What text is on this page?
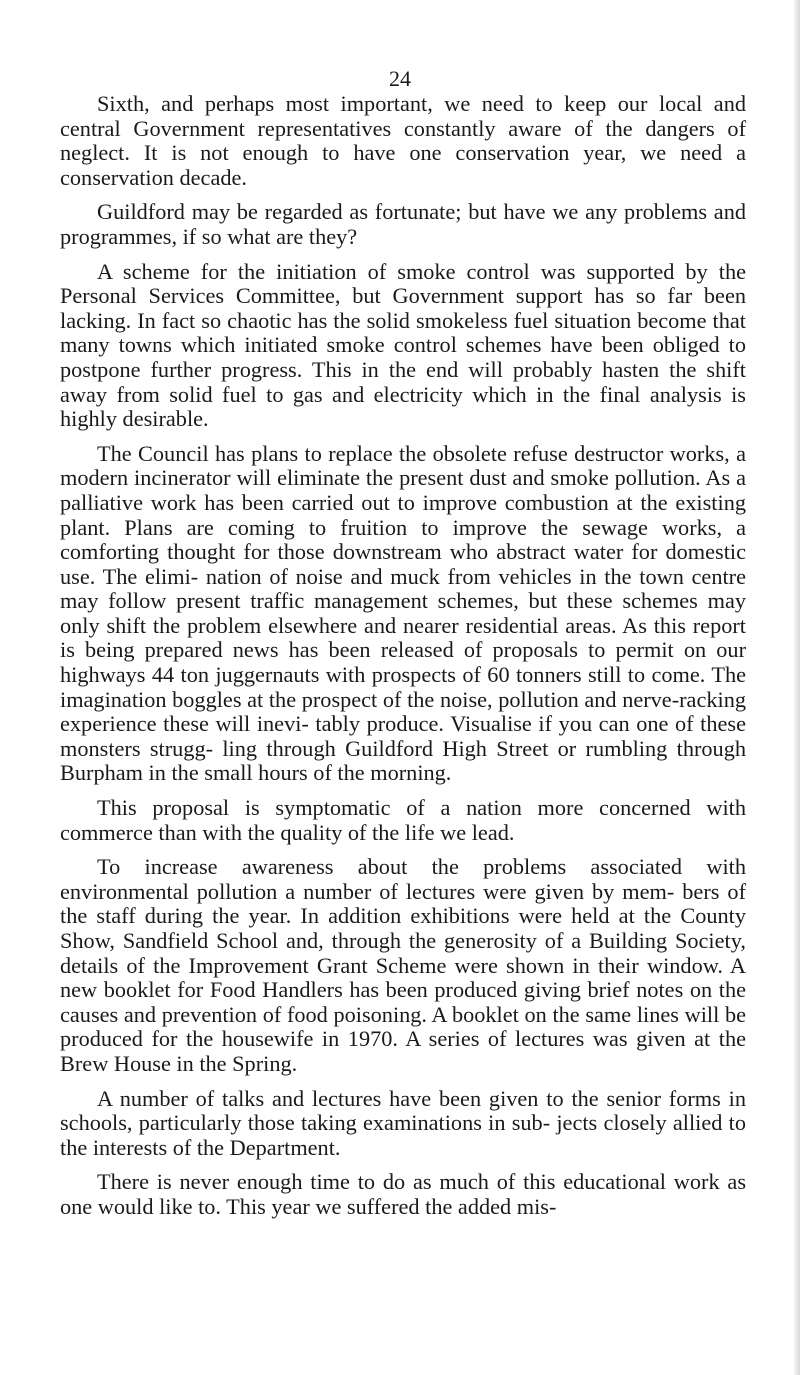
24

Sixth, and perhaps most important, we need to keep our local and central Government representatives constantly aware of the dangers of neglect. It is not enough to have one conservation year, we need a conservation decade.

Guildford may be regarded as fortunate; but have we any problems and programmes, if so what are they?

A scheme for the initiation of smoke control was supported by the Personal Services Committee, but Government support has so far been lacking. In fact so chaotic has the solid smokeless fuel situation become that many towns which initiated smoke control schemes have been obliged to postpone further progress. This in the end will probably hasten the shift away from solid fuel to gas and electricity which in the final analysis is highly desirable.

The Council has plans to replace the obsolete refuse destructor works, a modern incinerator will eliminate the present dust and smoke pollution. As a palliative work has been carried out to improve combustion at the existing plant. Plans are coming to fruition to improve the sewage works, a comforting thought for those downstream who abstract water for domestic use. The elimi- nation of noise and muck from vehicles in the town centre may follow present traffic management schemes, but these schemes may only shift the problem elsewhere and nearer residential areas. As this report is being prepared news has been released of proposals to permit on our highways 44 ton juggernauts with prospects of 60 tonners still to come. The imagination boggles at the prospect of the noise, pollution and nerve-racking experience these will inevi- tably produce. Visualise if you can one of these monsters strugg- ling through Guildford High Street or rumbling through Burpham in the small hours of the morning.

This proposal is symptomatic of a nation more concerned with commerce than with the quality of the life we lead.

To increase awareness about the problems associated with environmental pollution a number of lectures were given by mem- bers of the staff during the year. In addition exhibitions were held at the County Show, Sandfield School and, through the generosity of a Building Society, details of the Improvement Grant Scheme were shown in their window. A new booklet for Food Handlers has been produced giving brief notes on the causes and prevention of food poisoning. A booklet on the same lines will be produced for the housewife in 1970. A series of lectures was given at the Brew House in the Spring.

A number of talks and lectures have been given to the senior forms in schools, particularly those taking examinations in sub- jects closely allied to the interests of the Department.

There is never enough time to do as much of this educational work as one would like to. This year we suffered the added mis-
